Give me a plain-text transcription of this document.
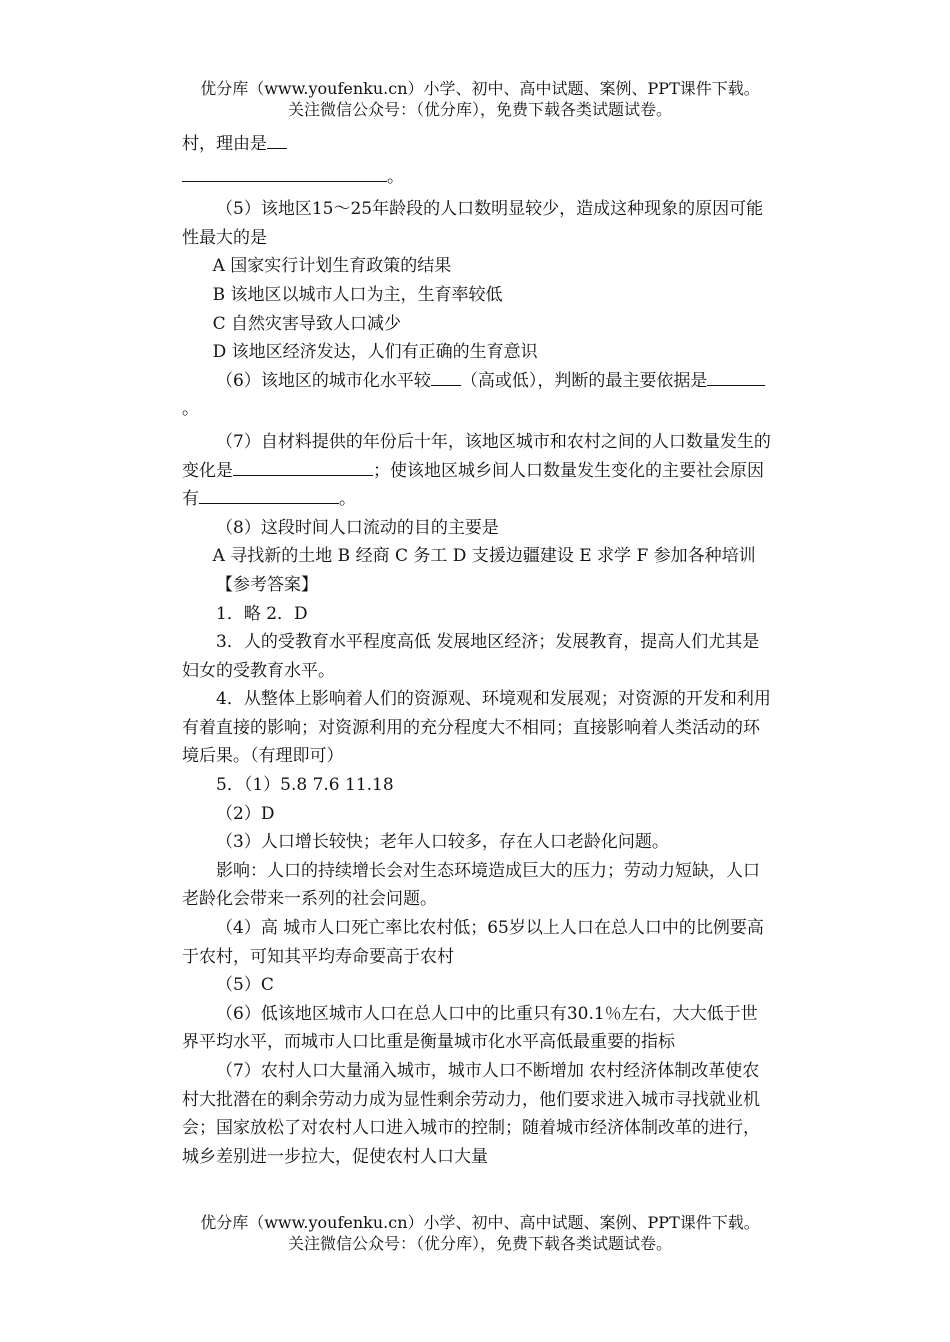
优分库（www.youfenku.cn）小学、初中、高中试题、案例、PPT课件下载。
关注微信公众号：（优分库），免费下载各类试题试卷。

村，理由是

。

（5）该地区15～25年龄段的人口数明显较少，造成这种现象的原因可能性最大的是

A 国家实行计划生育政策的结果

B 该地区以城市人口为主，生育率较低

C 自然灾害导致人口减少

D 该地区经济发达，人们有正确的生育意识

（6）该地区的城市化水平较 （高或低），判断的最主要依据是。

（7）自材料提供的年份后十年，该地区城市和农村之间的人口数量发生的变化是	；使该地区城乡间人口数量发生变化的主要社会原因有	。

（8）这段时间人口流动的目的主要是

A 寻找新的土地 B 经商 C 务工 D 支援边疆建设 E 求学 F 参加各种培训

【参考答案】

1．略 2．D

3．人的受教育水平程度高低 发展地区经济；发展教育，提高人们尤其是妇女的受教育水平。

4．从整体上影响着人们的资源观、环境观和发展观；对资源的开发和利用有着直接的影响；对资源利用的充分程度大不相同；直接影响着人类活动的环境后果。（有理即可）

5．（1）5.8 7.6 11.18

（2）D

（3）人口增长较快；老年人口较多，存在人口老龄化问题。

影响：人口的持续增长会对生态环境造成巨大的压力；劳动力短缺，人口老龄化会带来一系列的社会问题。

（4）高 城市人口死亡率比农村低；65岁以上人口在总人口中的比例要高于农村，可知其平均寿命要高于农村

（5）C

（6）低该地区城市人口在总人口中的比重只有30.1％左右，大大低于世界平均水平，而城市人口比重是衡量城市化水平高低最重要的指标

（7）农村人口大量涌入城市，城市人口不断增加 农村经济体制改革使农村大批潜在的剩余劳动力成为显性剩余劳动力，他们要求进入城市寻找就业机会；国家放松了对农村人口进入城市的控制；随着城市经济体制改革的进行，城乡差别进一步拉大，促使农村人口大量

优分库（www.youfenku.cn）小学、初中、高中试题、案例、PPT课件下载。
关注微信公众号：（优分库），免费下载各类试题试卷。
